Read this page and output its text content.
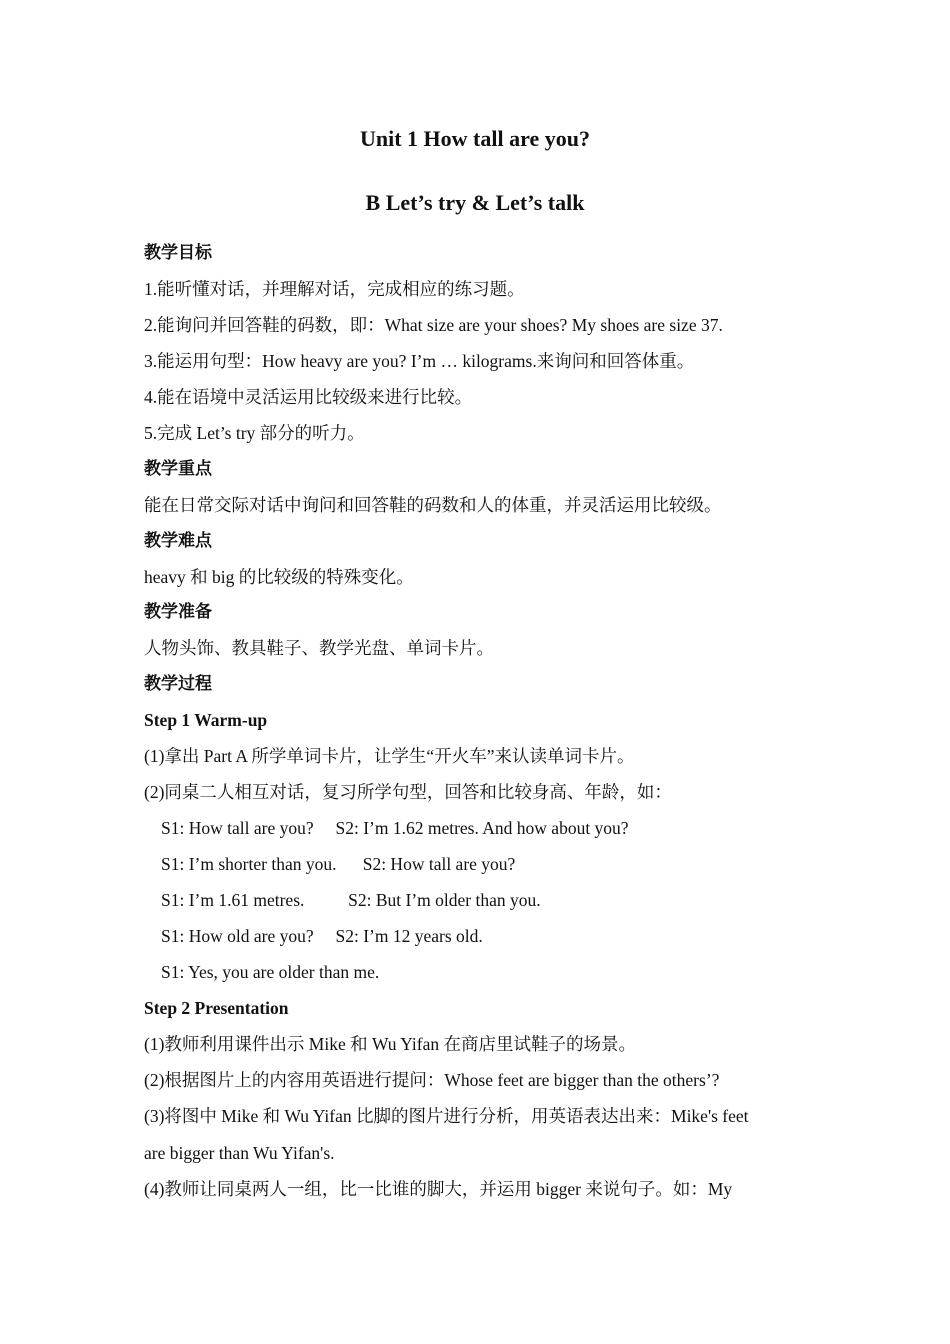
Unit 1 How tall are you?
B Let’s try & Let’s talk
教学目标
1.能听懂对话，并理解对话，完成相应的练习题。
2.能询问并回答鞋的码数，即：What size are your shoes? My shoes are size 37.
3.能运用句型：How heavy are you? I’m … kilograms.来询问和回答体重。
4.能在语境中灵活运用比较级来进行比较。
5.完成 Let’s try 部分的听力。
教学重点
能在日常交际对话中询问和回答鞋的码数和人的体重，并灵活运用比较级。
教学难点
heavy 和 big 的比较级的特殊变化。
教学准备
人物头饰、教具鞋子、教学光盘、单词卡片。
教学过程
Step 1 Warm-up
(1)拿出 Part A 所学单词卡片，让学生“开火车”来认读单词卡片。
(2)同桌二人相互对话，复习所学句型，回答和比较身高、年龄，如：
S1: How tall are you?     S2: I’m 1.62 metres. And how about you?
S1: I’m shorter than you.      S2: How tall are you?
S1: I’m 1.61 metres.          S2: But I’m older than you.
S1: How old are you?     S2: I’m 12 years old.
S1: Yes, you are older than me.
Step 2 Presentation
(1)教师利用课件出示 Mike 和 Wu Yifan 在商店里试鞋子的场景。
(2)根据图片上的内容用英语进行提问：Whose feet are bigger than the others’?
(3)将图中 Mike 和 Wu Yifan 比脚的图片进行分析，用英语表达出来：Mike's feet
are bigger than Wu Yifan's.
(4)教师让同桌两人一组，比一比谁的脚大，并运用 bigger 来说句子。如：My
